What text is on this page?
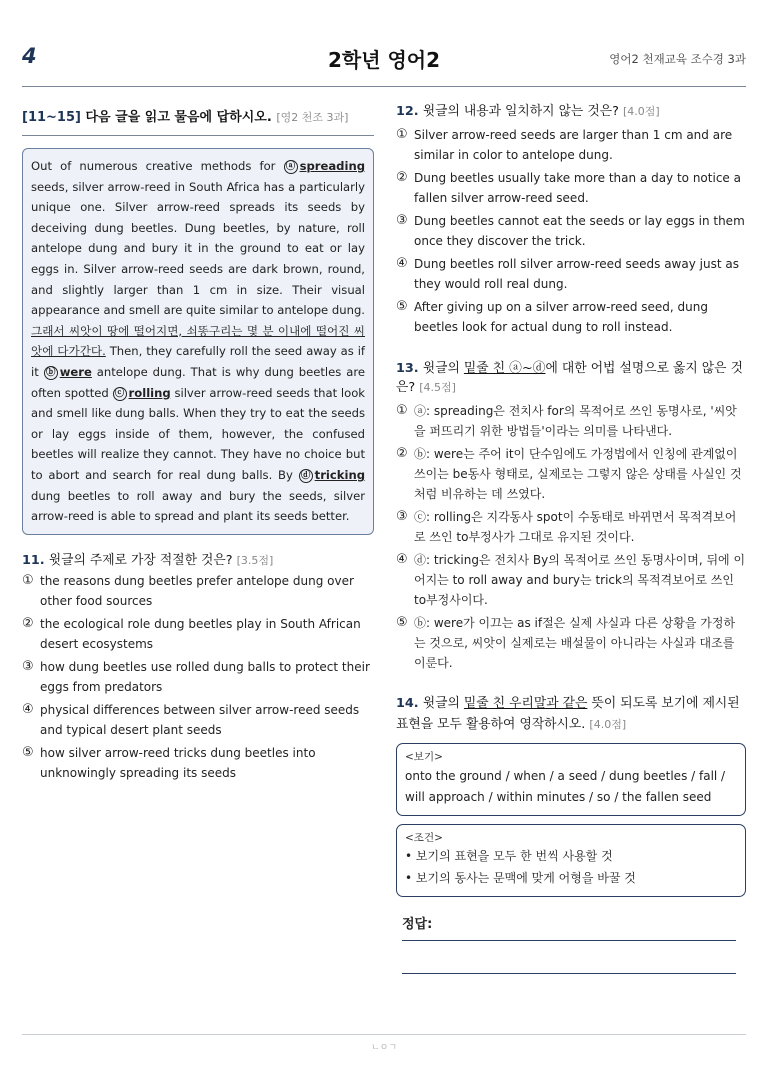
4	2학년 영어2	영어2 천재교육 조수경 3과
[11~15] 다음 글을 읽고 물음에 답하시오. [영2 천조 3과]
Out of numerous creative methods for ⓐ spreading seeds, silver arrow-reed in South Africa has a particularly unique one. Silver arrow-reed spreads its seeds by deceiving dung beetles. Dung beetles, by nature, roll antelope dung and bury it in the ground to eat or lay eggs in. Silver arrow-reed seeds are dark brown, round, and slightly larger than 1 cm in size. Their visual appearance and smell are quite similar to antelope dung. 그래서 씨앗이 땅에 떨어지면, 쇠똥구리는 몇 분 이내에 떨어진 씨앗에 다가간다. Then, they carefully roll the seed away as if it ⓑ were antelope dung. That is why dung beetles are often spotted ⓒ rolling silver arrow-reed seeds that look and smell like dung balls. When they try to eat the seeds or lay eggs inside of them, however, the confused beetles will realize they cannot. They have no choice but to abort and search for real dung balls. By ⓓ tricking dung beetles to roll away and bury the seeds, silver arrow-reed is able to spread and plant its seeds better.
11. 윗글의 주제로 가장 적절한 것은? [3.5점]
① the reasons dung beetles prefer antelope dung over other food sources
② the ecological role dung beetles play in South African desert ecosystems
③ how dung beetles use rolled dung balls to protect their eggs from predators
④ physical differences between silver arrow-reed seeds and typical desert plant seeds
⑤ how silver arrow-reed tricks dung beetles into unknowingly spreading its seeds
12. 윗글의 내용과 일치하지 않는 것은? [4.0점]
① Silver arrow-reed seeds are larger than 1 cm and are similar in color to antelope dung.
② Dung beetles usually take more than a day to notice a fallen silver arrow-reed seed.
③ Dung beetles cannot eat the seeds or lay eggs in them once they discover the trick.
④ Dung beetles roll silver arrow-reed seeds away just as they would roll real dung.
⑤ After giving up on a silver arrow-reed seed, dung beetles look for actual dung to roll instead.
13. 윗글의 밑줄 친 ⓐ~ⓓ에 대한 어법 설명으로 옳지 않은 것은? [4.5점]
① ⓐ: spreading은 전치사 for의 목적어로 쓰인 동명사로, '씨앗을 퍼뜨리기 위한 방법들'이라는 의미를 나타낸다.
② ⓑ: were는 주어 it이 단수임에도 가정법에서 인칭에 관계없이 쓰이는 be동사 형태로, 실제로는 그렇지 않은 상태를 사실인 것처럼 비유하는 데 쓰였다.
③ ⓒ: rolling은 지각동사 spot이 수동태로 바뀌면서 목적격보어로 쓰인 to부정사가 그대로 유지된 것이다.
④ ⓓ: tricking은 전치사 By의 목적어로 쓰인 동명사이며, 뒤에 이어지는 to roll away and bury는 trick의 목적격보어로 쓰인 to부정사이다.
⑤ ⓑ: were가 이끄는 as if절은 실제 사실과 다른 상황을 가정하는 것으로, 씨앗이 실제로는 배설물이 아니라는 사실과 대조를 이룬다.
14. 윗글의 밑줄 친 우리말과 같은 뜻이 되도록 보기에 제시된 표현을 모두 활용하여 영작하시오. [4.0점]
<보기>
onto the ground / when / a seed / dung beetles / fall / will approach / within minutes / so / the fallen seed
<조건>
• 보기의 표현을 모두 한 번씩 사용할 것
• 보기의 동사는 문맥에 맞게 어형을 바꿀 것
정답:
ㄴㅇㄱ
